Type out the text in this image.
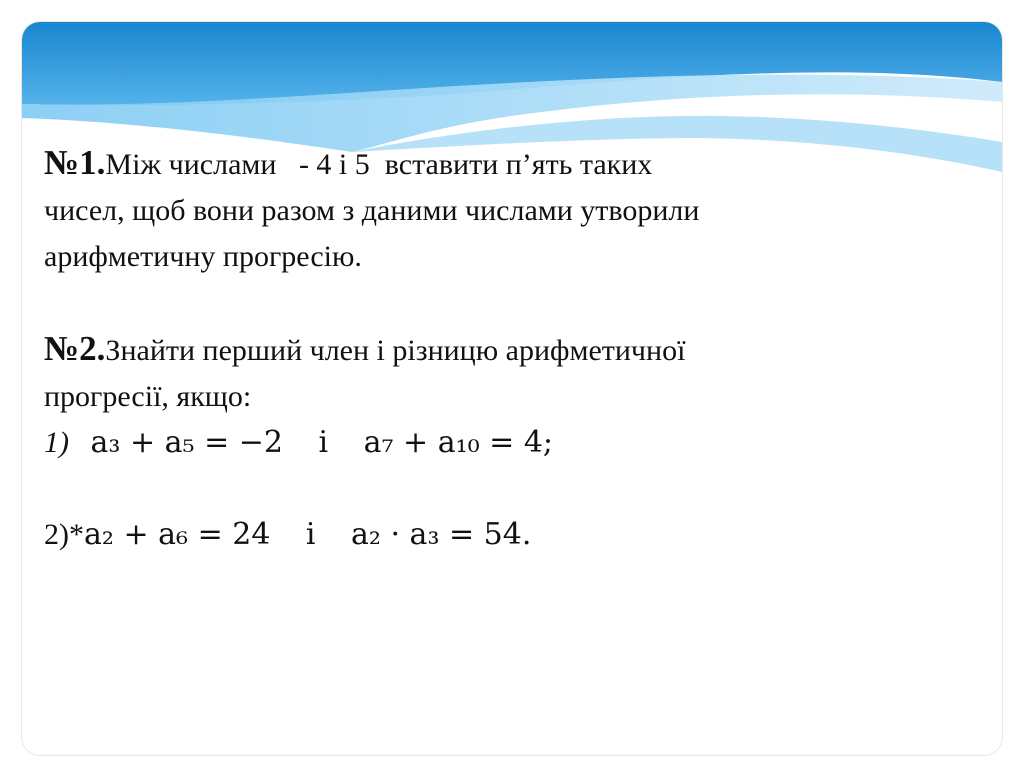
№1.Між числами   - 4 і 5  вставити п’ять таких
чисел, щоб вони разом з даними числами утворили
арифметичну прогресію.

№2.Знайти перший член і різницю арифметичної
прогресії, якщо:
1) a₃ + a₅ = −2 і a₇ + a₁₀ = 4;

2)*a₂ + a₆ = 24 і a₂ · a₃ = 54.
